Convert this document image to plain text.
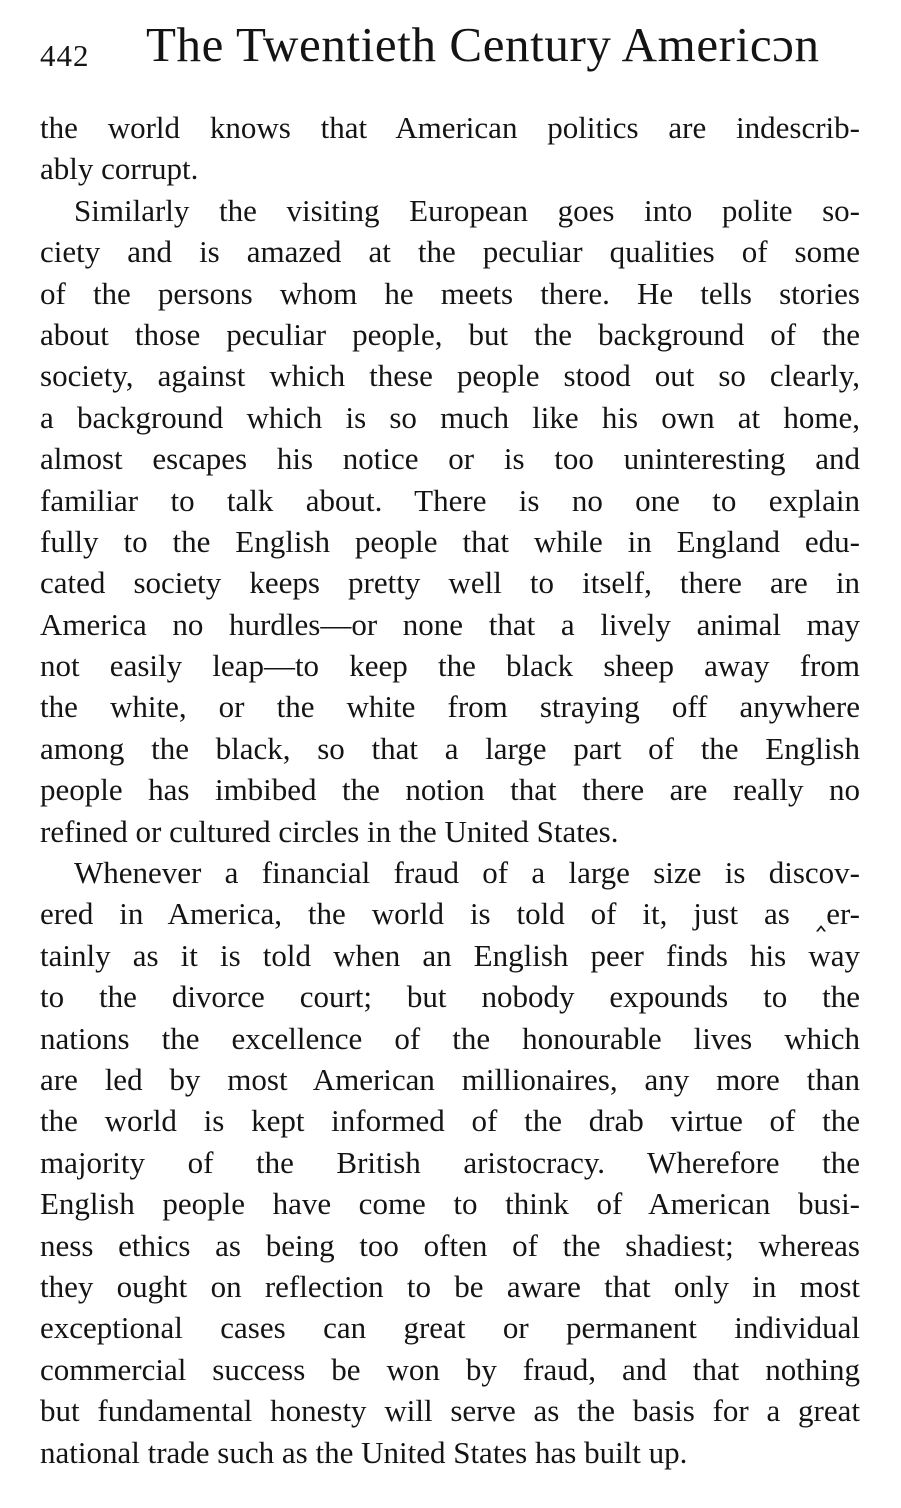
442 The Twentieth Century Americɔn
the world knows that American politics are indescrib-
ably corrupt.
Similarly the visiting European goes into polite so-
ciety and is amazed at the peculiar qualities of some
of the persons whom he meets there. He tells stories
about those peculiar people, but the background of the
society, against which these people stood out so clearly,
a background which is so much like his own at home,
almost escapes his notice or is too uninteresting and
familiar to talk about. There is no one to explain
fully to the English people that while in England edu-
cated society keeps pretty well to itself, there are in
America no hurdles—or none that a lively animal may
not easily leap—to keep the black sheep away from
the white, or the white from straying off anywhere
among the black, so that a large part of the English
people has imbibed the notion that there are really no
refined or cultured circles in the United States.
Whenever a financial fraud of a large size is discov-
ered in America, the world is told of it, just as ‸er-
tainly as it is told when an English peer finds his way
to the divorce court; but nobody expounds to the
nations the excellence of the honourable lives which
are led by most American millionaires, any more than
the world is kept informed of the drab virtue of the
majority of the British aristocracy. Wherefore the
English people have come to think of American busi-
ness ethics as being too often of the shadiest; whereas
they ought on reflection to be aware that only in most
exceptional cases can great or permanent individual
commercial success be won by fraud, and that nothing
but fundamental honesty will serve as the basis for a great
national trade such as the United States has built up.
